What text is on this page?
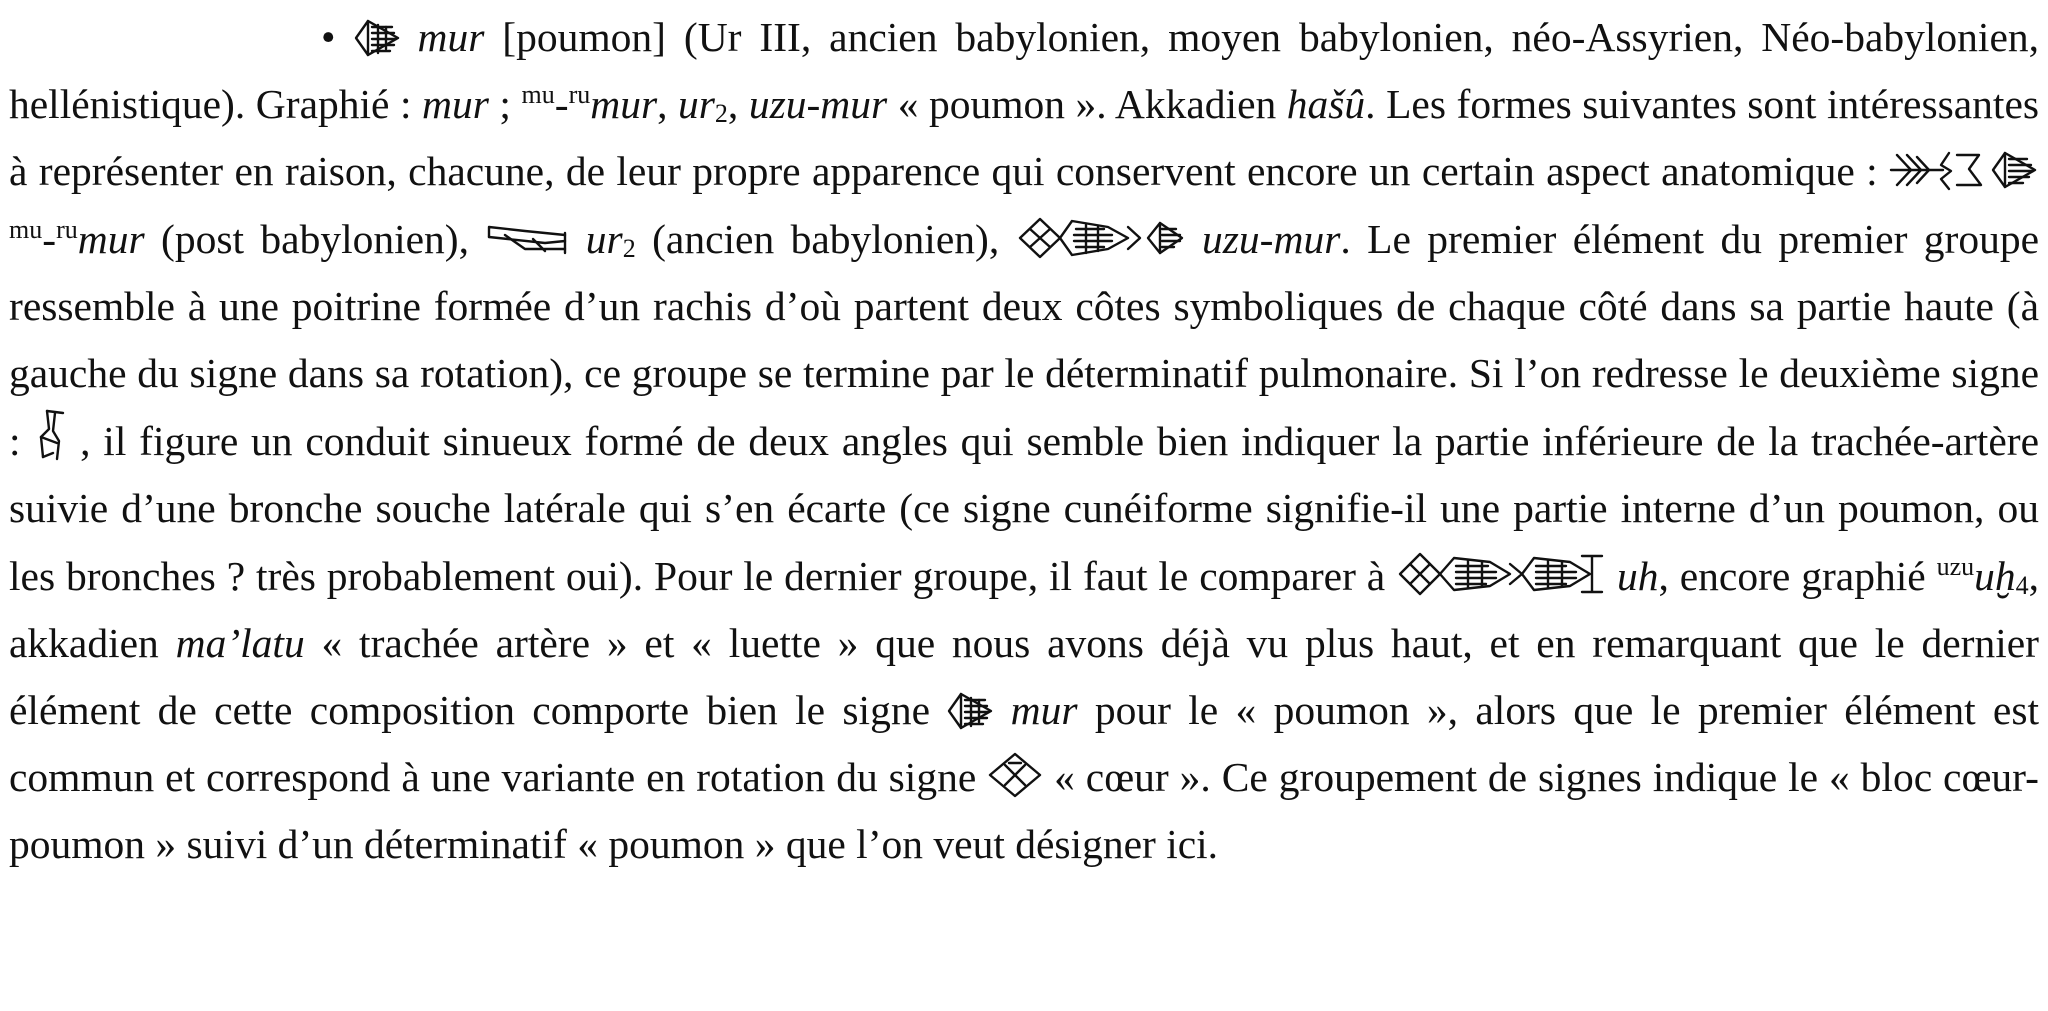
• mur [poumon] (Ur III, ancien babylonien, moyen babylonien, néo-Assyrien, Néo-babylonien, hellénistique). Graphié : mur ; $^{mu}$-$^{ru}$mur, ur2, uzu-mur « poumon ». Akkadien hašû. Les formes suivantes sont intéressantes à représenter en raison, chacune, de leur propre apparence qui conservent encore un certain aspect anatomique :
$^{mu}$-$^{ru}$mur (post babylonien),
ur2 (ancien babylonien),	uzu-mur. Le premier élément du premier groupe ressemble à une poitrine formée d’un rachis d’où partent deux côtes symboliques de chaque côté dans sa partie haute (à gauche du signe dans sa rotation), ce groupe se termine par le déterminatif pulmonaire. Si l’on redresse le deuxième signe :
, il figure un conduit sinueux formé de deux angles qui semble bien indiquer la partie inférieure de la trachée-artère suivie d’une bronche souche latérale qui s’en écarte (ce signe cunéiforme signifie-il une partie interne d’un poumon, ou les bronches ? très probablement oui). Pour le dernier groupe, il faut le comparer à	uh, encore graphié $^{uzu}$uḫ4, akkadien ma’latu « trachée artère » et « luette » que nous avons déjà vu plus haut, et en remarquant que le dernier élément de cette composition comporte bien le signe
mur pour le « poumon », alors que le premier élément est commun et correspond à une variante en rotation du signe
« cœur ». Ce groupement de signes indique le « bloc cœur-poumon » suivi d’un déterminatif « poumon » que l’on veut désigner ici.
